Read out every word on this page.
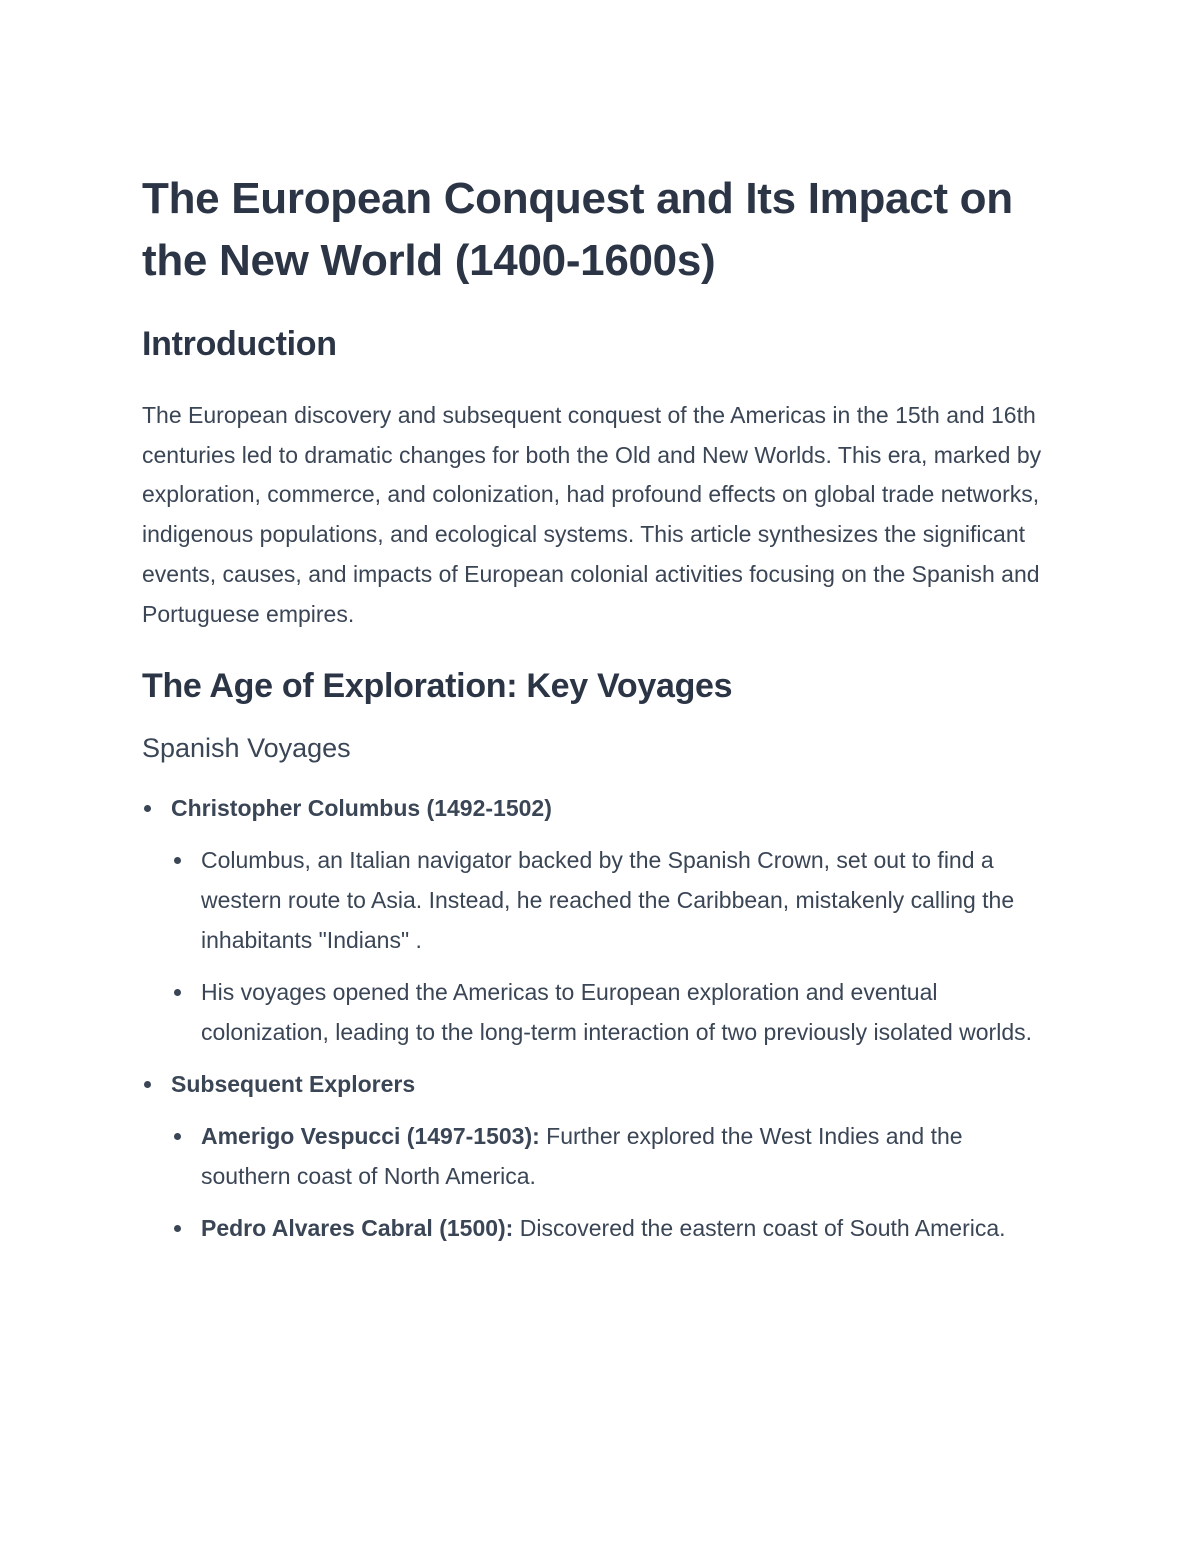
The European Conquest and Its Impact on the New World (1400-1600s)
Introduction

The European discovery and subsequent conquest of the Americas in the 15th and 16th centuries led to dramatic changes for both the Old and New Worlds. This era, marked by exploration, commerce, and colonization, had profound effects on global trade networks, indigenous populations, and ecological systems. This article synthesizes the significant events, causes, and impacts of European colonial activities focusing on the Spanish and Portuguese empires.

The Age of Exploration: Key Voyages
Spanish Voyages
Christopher Columbus (1492-1502)
Columbus, an Italian navigator backed by the Spanish Crown, set out to find a western route to Asia. Instead, he reached the Caribbean, mistakenly calling the inhabitants "Indians" .
His voyages opened the Americas to European exploration and eventual colonization, leading to the long-term interaction of two previously isolated worlds.
Subsequent Explorers
Amerigo Vespucci (1497-1503): Further explored the West Indies and the southern coast of North America.
Pedro Alvares Cabral (1500): Discovered the eastern coast of South America.
